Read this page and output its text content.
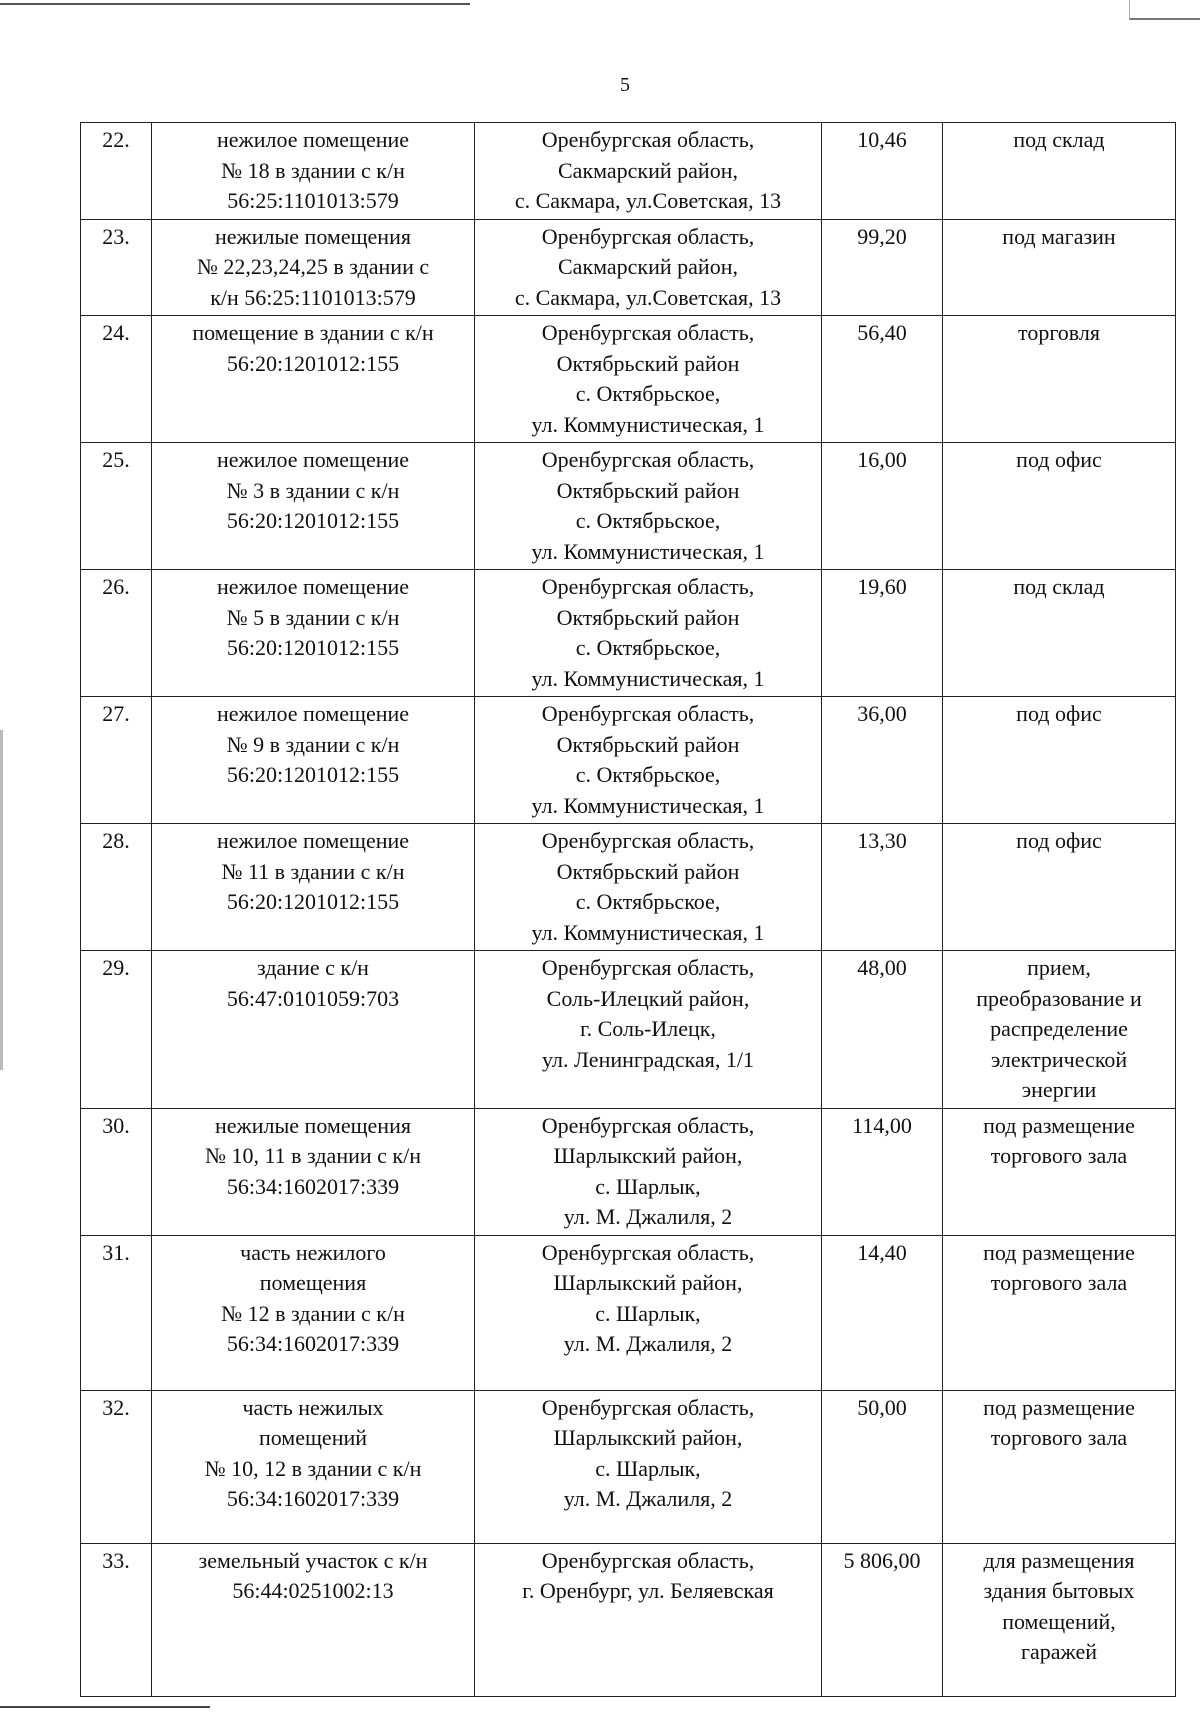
5
22.	нежилое помещение
№ 18 в здании с к/н
56:25:1101013:579	Оренбургская область,
Сакмарский район,
с. Сакмара, ул.Советская, 13	10,46	под склад

23.	нежилые помещения
№ 22,23,24,25 в здании с
к/н 56:25:1101013:579	Оренбургская область,
Сакмарский район,
с. Сакмара, ул.Советская, 13	99,20	под магазин

24.	помещение в здании с к/н
56:20:1201012:155	Оренбургская область,
Октябрьский район
с. Октябрьское,
ул. Коммунистическая, 1	56,40	торговля

25.	нежилое помещение
№ 3 в здании с к/н
56:20:1201012:155	Оренбургская область,
Октябрьский район
с. Октябрьское,
ул. Коммунистическая, 1	16,00	под офис

26.	нежилое помещение
№ 5 в здании с к/н
56:20:1201012:155	Оренбургская область,
Октябрьский район
с. Октябрьское,
ул. Коммунистическая, 1	19,60	под склад

27.	нежилое помещение
№ 9 в здании с к/н
56:20:1201012:155	Оренбургская область,
Октябрьский район
с. Октябрьское,
ул. Коммунистическая, 1	36,00	под офис

28.	нежилое помещение
№ 11 в здании с к/н
56:20:1201012:155	Оренбургская область,
Октябрьский район
с. Октябрьское,
ул. Коммунистическая, 1	13,30	под офис

29.	здание с к/н
56:47:0101059:703	Оренбургская область,
Соль-Илецкий район,
г. Соль-Илецк,
ул. Ленинградская, 1/1	48,00	прием,
преобразование и
распределение
электрической
энергии

30.	нежилые помещения
№ 10, 11 в здании с к/н
56:34:1602017:339	Оренбургская область,
Шарлыкский район,
с. Шарлык,
ул. М. Джалиля, 2	114,00	под размещение
торгового зала

31.	часть нежилого
помещения
№ 12 в здании с к/н
56:34:1602017:339	Оренбургская область,
Шарлыкский район,
с. Шарлык,
ул. М. Джалиля, 2	14,40	под размещение
торгового зала

32.	часть нежилых
помещений
№ 10, 12 в здании с к/н
56:34:1602017:339	Оренбургская область,
Шарлыкский район,
с. Шарлык,
ул. М. Джалиля, 2	50,00	под размещение
торгового зала

33.	земельный участок с к/н
56:44:0251002:13	Оренбургская область,
г. Оренбург, ул. Беляевская	5 806,00	для размещения
здания бытовых
помещений,
гаражей
